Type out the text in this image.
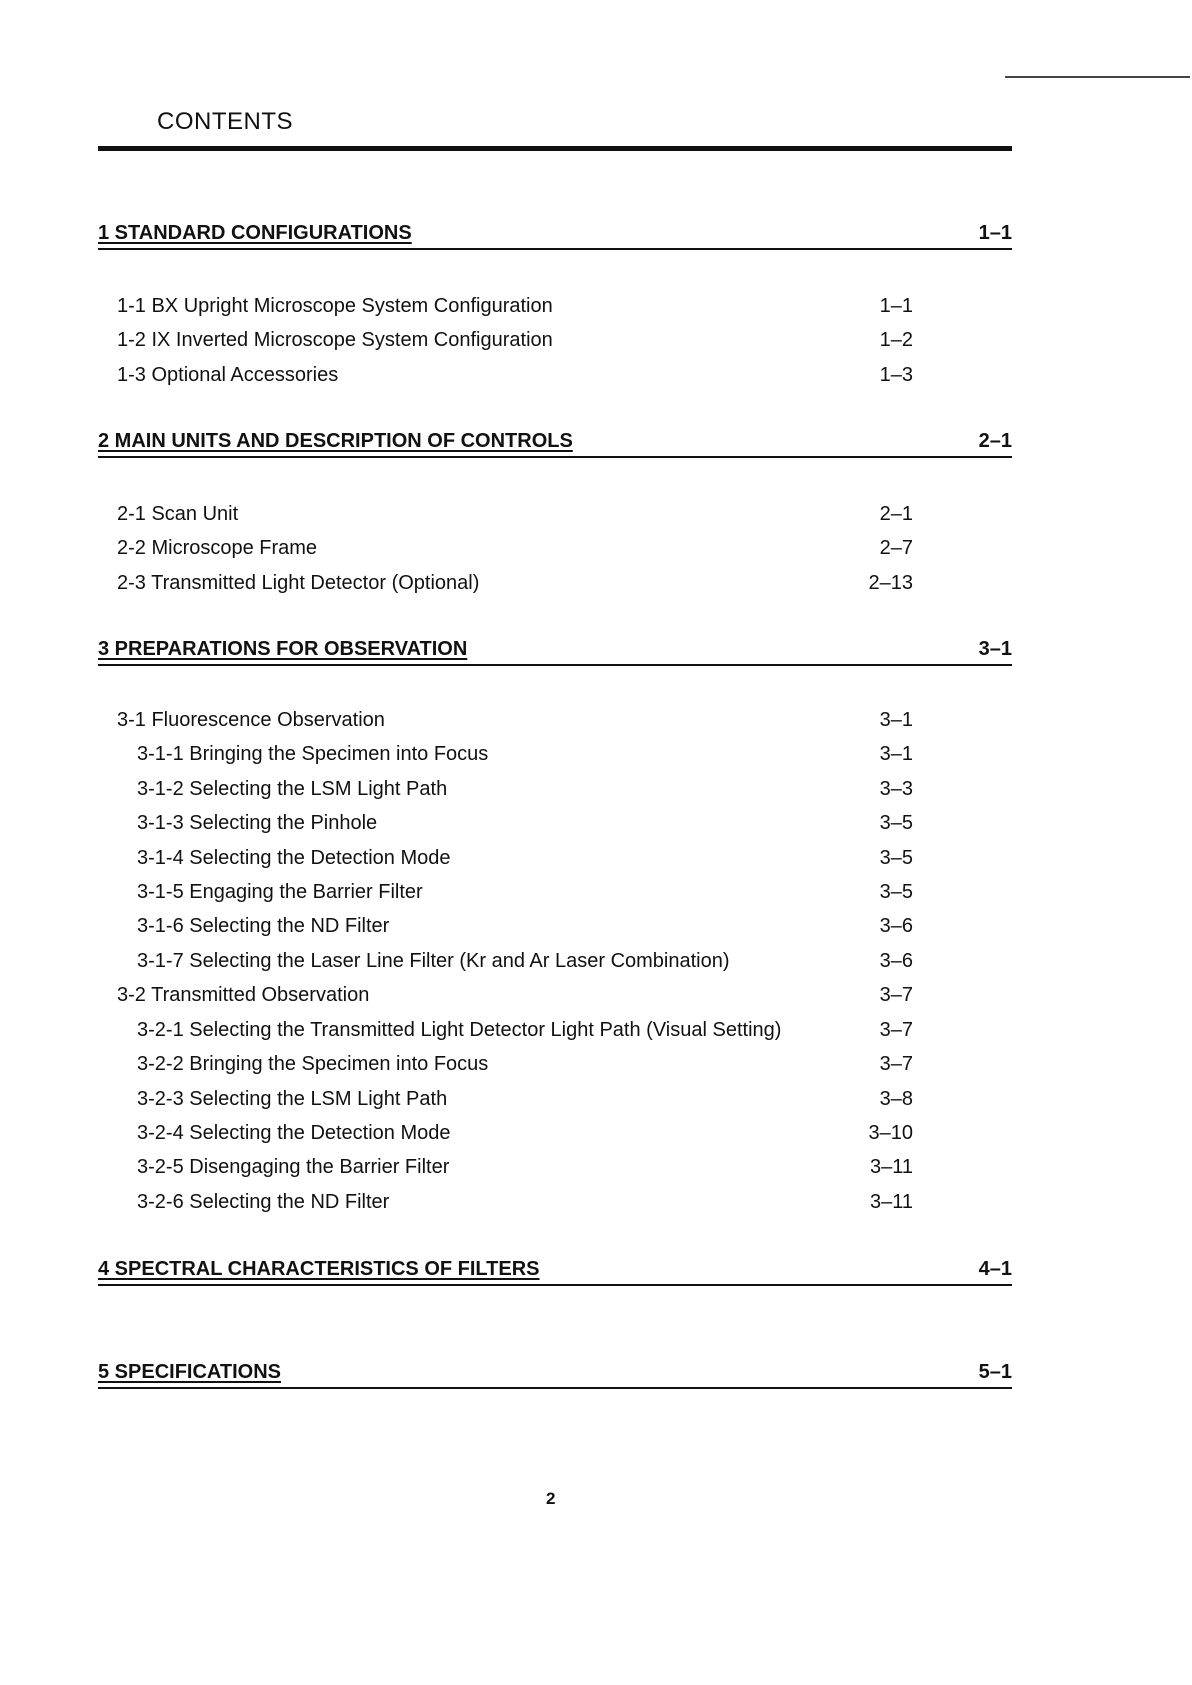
CONTENTS
1 STANDARD CONFIGURATIONS	1–1
1-1 BX Upright Microscope System Configuration	1–1
1-2 IX Inverted Microscope System Configuration	1–2
1-3 Optional Accessories	1–3
2 MAIN UNITS AND DESCRIPTION OF CONTROLS	2–1
2-1 Scan Unit	2–1
2-2 Microscope Frame	2–7
2-3 Transmitted Light Detector (Optional)	2–13
3 PREPARATIONS FOR OBSERVATION	3–1
3-1 Fluorescence Observation	3–1
3-1-1 Bringing the Specimen into Focus	3–1
3-1-2 Selecting the LSM Light Path	3–3
3-1-3 Selecting the Pinhole	3–5
3-1-4 Selecting the Detection Mode	3–5
3-1-5 Engaging the Barrier Filter	3–5
3-1-6 Selecting the ND Filter	3–6
3-1-7 Selecting the Laser Line Filter (Kr and Ar Laser Combination)	3–6
3-2 Transmitted Observation	3–7
3-2-1 Selecting the Transmitted Light Detector Light Path (Visual Setting)	3–7
3-2-2 Bringing the Specimen into Focus	3–7
3-2-3 Selecting the LSM Light Path	3–8
3-2-4 Selecting the Detection Mode	3–10
3-2-5 Disengaging the Barrier Filter	3–11
3-2-6 Selecting the ND Filter	3–11
4 SPECTRAL CHARACTERISTICS OF FILTERS	4–1
5 SPECIFICATIONS	5–1
2
